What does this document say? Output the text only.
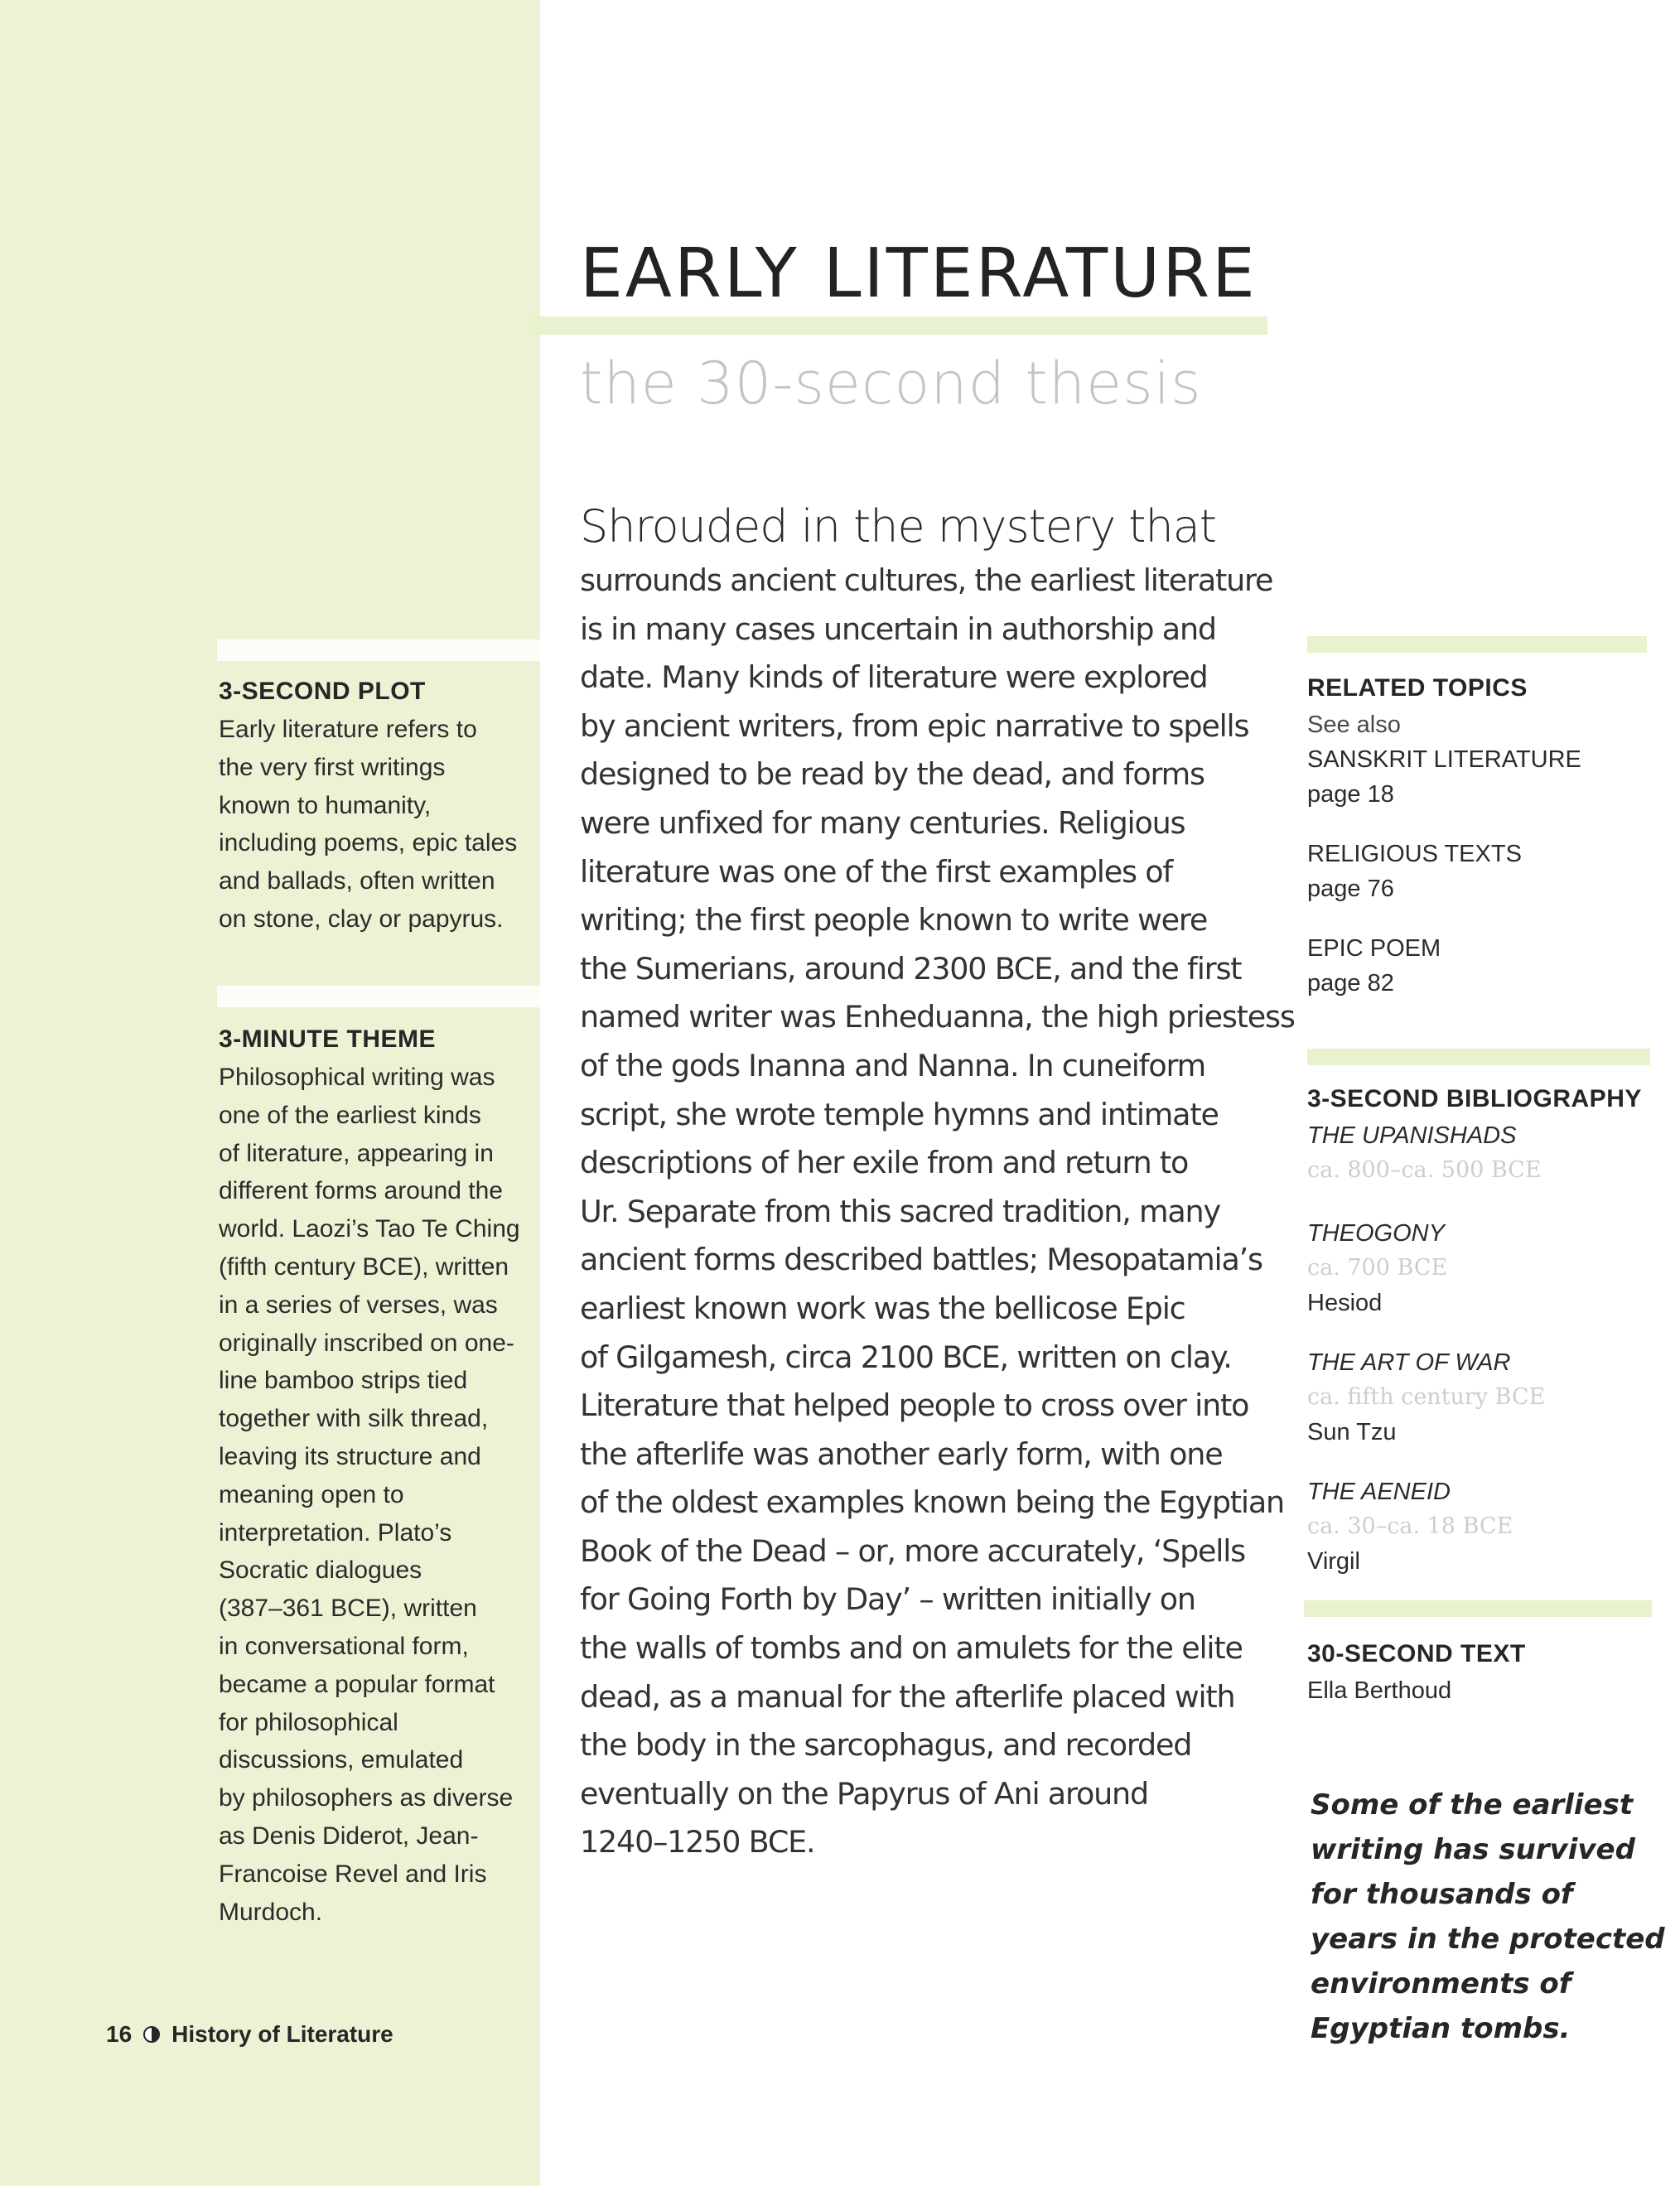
3-SECOND PLOT
Early literature refers to
the very first writings
known to humanity,
including poems, epic tales
and ballads, often written
on stone, clay or papyrus.
3-MINUTE THEME
Philosophical writing was
one of the earliest kinds
of literature, appearing in
different forms around the
world. Laozi’s Tao Te Ching
(fifth century BCE), written
in a series of verses, was
originally inscribed on one-
line bamboo strips tied
together with silk thread,
leaving its structure and
meaning open to
interpretation. Plato’s
Socratic dialogues
(387–361 BCE), written
in conversational form,
became a popular format
for philosophical
discussions, emulated
by philosophers as diverse
as Denis Diderot, Jean-
Francoise Revel and Iris
Murdoch.
16 History of Literature
EARLY LITERATURE
the 30-second thesis
Shrouded in the mystery that
surrounds ancient cultures, the earliest literature
is in many cases uncertain in authorship and
date. Many kinds of literature were explored
by ancient writers, from epic narrative to spells
designed to be read by the dead, and forms
were unfixed for many centuries. Religious
literature was one of the first examples of
writing; the first people known to write were
the Sumerians, around 2300 BCE, and the first
named writer was Enheduanna, the high priestess
of the gods Inanna and Nanna. In cuneiform
script, she wrote temple hymns and intimate
descriptions of her exile from and return to
Ur. Separate from this sacred tradition, many
ancient forms described battles; Mesopatamia’s
earliest known work was the bellicose Epic
of Gilgamesh, circa 2100 BCE, written on clay.
Literature that helped people to cross over into
the afterlife was another early form, with one
of the oldest examples known being the Egyptian
Book of the Dead – or, more accurately, ‘Spells
for Going Forth by Day’ – written initially on
the walls of tombs and on amulets for the elite
dead, as a manual for the afterlife placed with
the body in the sarcophagus, and recorded
eventually on the Papyrus of Ani around
1240–1250 BCE.
RELATED TOPICS
See also
SANSKRIT LITERATURE
page 18
RELIGIOUS TEXTS
page 76
EPIC POEM
page 82
3-SECOND BIBLIOGRAPHY
THE UPANISHADS
ca. 800–ca. 500 BCE
THEOGONY
ca. 700 BCE
Hesiod
THE ART OF WAR
ca. fifth century BCE
Sun Tzu
THE AENEID
ca. 30–ca. 18 BCE
Virgil
30-SECOND TEXT
Ella Berthoud
Some of the earliest
writing has survived
for thousands of
years in the protected
environments of
Egyptian tombs.
